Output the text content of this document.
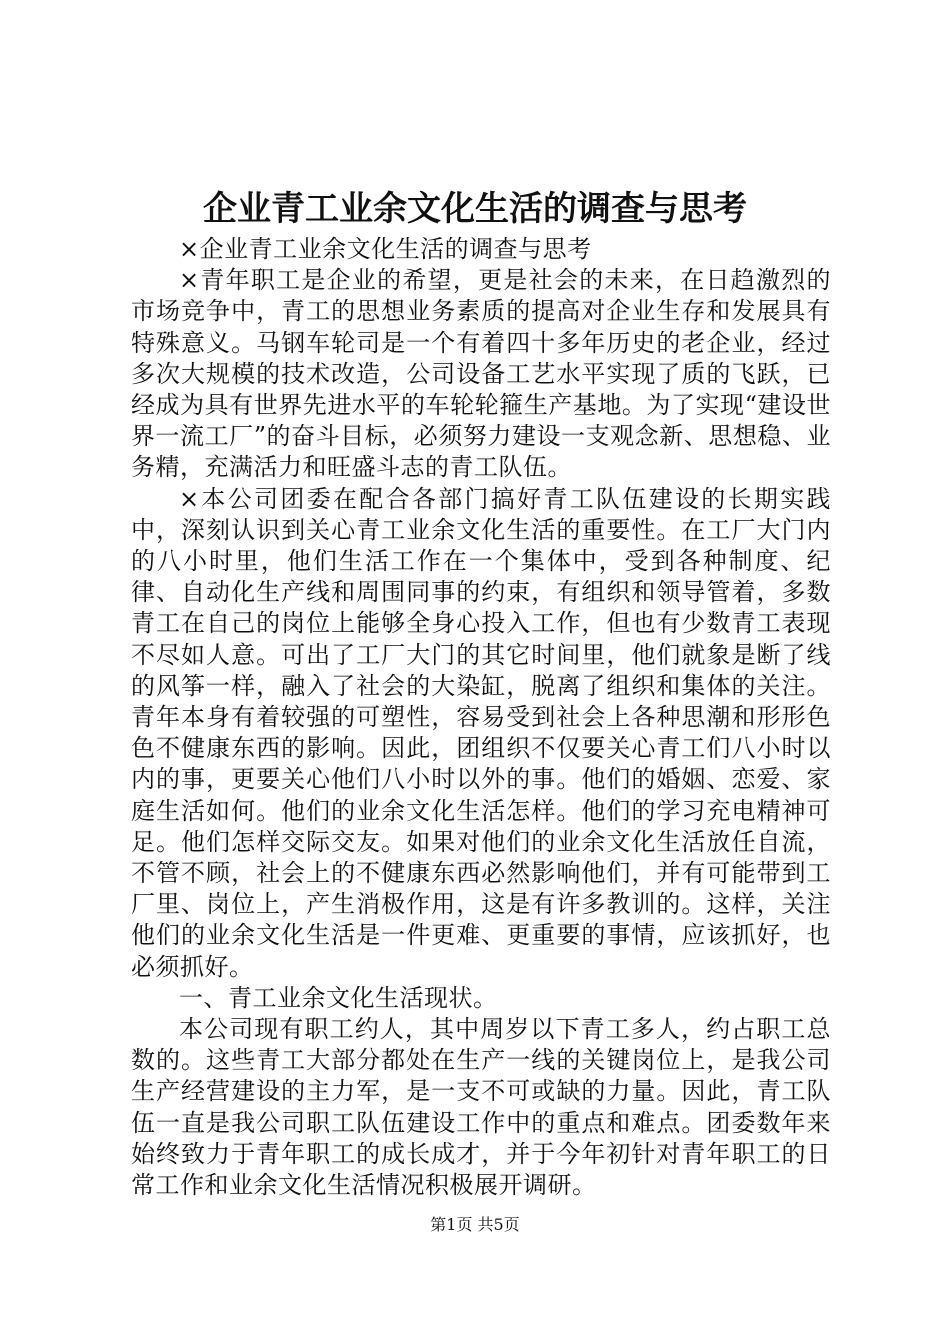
企业青工业余文化生活的调查与思考

×企业青工业余文化生活的调查与思考

×青年职工是企业的希望，更是社会的未来，在日趋激烈的市场竞争中，青工的思想业务素质的提高对企业生存和发展具有特殊意义。马钢车轮司是一个有着四十多年历史的老企业，经过多次大规模的技术改造，公司设备工艺水平实现了质的飞跃，已经成为具有世界先进水平的车轮轮箍生产基地。为了实现“建设世界一流工厂”的奋斗目标，必须努力建设一支观念新、思想稳、业务精，充满活力和旺盛斗志的青工队伍。

×本公司团委在配合各部门搞好青工队伍建设的长期实践中，深刻认识到关心青工业余文化生活的重要性。在工厂大门内的八小时里，他们生活工作在一个集体中，受到各种制度、纪律、自动化生产线和周围同事的约束，有组织和领导管着，多数青工在自己的岗位上能够全身心投入工作，但也有少数青工表现不尽如人意。可出了工厂大门的其它时间里，他们就象是断了线的风筝一样，融入了社会的大染缸，脱离了组织和集体的关注。青年本身有着较强的可塑性，容易受到社会上各种思潮和形形色色不健康东西的影响。因此，团组织不仅要关心青工们八小时以内的事，更要关心他们八小时以外的事。他们的婚姻、恋爱、家庭生活如何。他们的业余文化生活怎样。他们的学习充电精神可足。他们怎样交际交友。如果对他们的业余文化生活放任自流，不管不顾，社会上的不健康东西必然影响他们，并有可能带到工厂里、岗位上，产生消极作用，这是有许多教训的。这样，关注他们的业余文化生活是一件更难、更重要的事情，应该抓好，也必须抓好。

一、青工业余文化生活现状。

本公司现有职工约人，其中周岁以下青工多人，约占职工总数的。这些青工大部分都处在生产一线的关键岗位上，是我公司生产经营建设的主力军，是一支不可或缺的力量。因此，青工队伍一直是我公司职工队伍建设工作中的重点和难点。团委数年来始终致力于青年职工的成长成才，并于今年初针对青年职工的日常工作和业余文化生活情况积极展开调研。

第1页 共5页
